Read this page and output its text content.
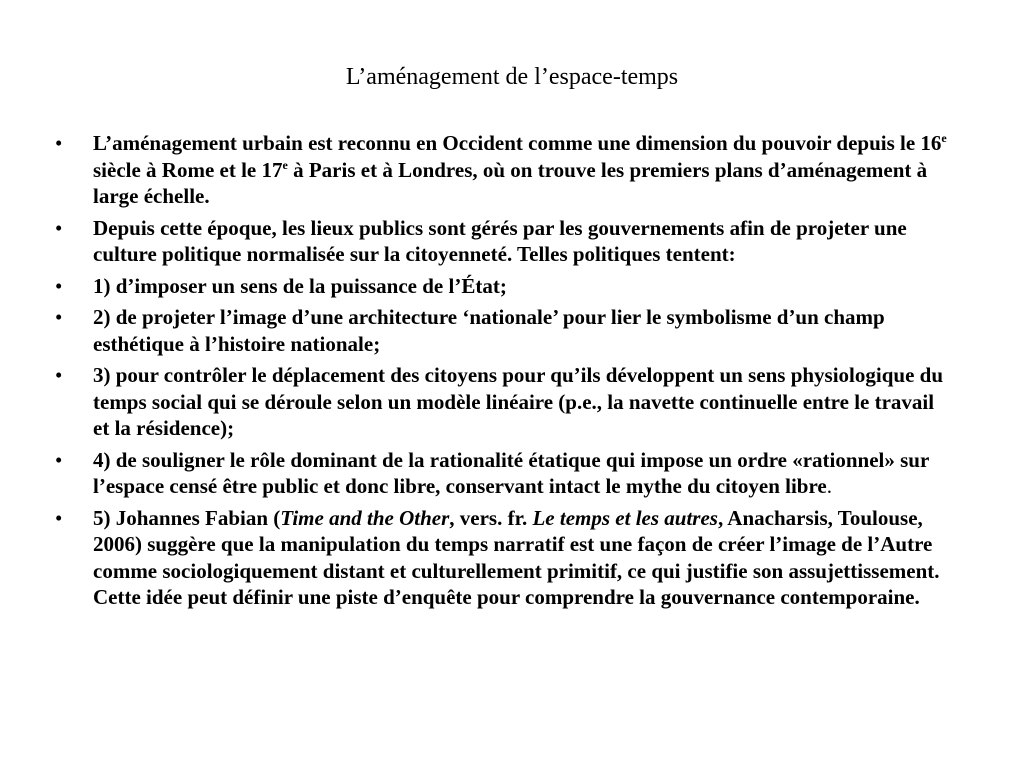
L’aménagement de l’espace-temps
• L’aménagement urbain est reconnu en Occident comme une dimension du pouvoir depuis le 16e siècle à Rome et le 17e à Paris et à Londres, où on trouve les premiers plans d’aménagement à large échelle.
• Depuis cette époque, les lieux publics sont gérés par les gouvernements afin de projeter une culture politique normalisée sur la citoyenneté. Telles politiques tentent:
• 1) d’imposer un sens de la puissance de l’État;
• 2) de projeter l’image d’une architecture ‘nationale’ pour lier le symbolisme d’un champ esthétique à l’histoire nationale;
• 3) pour contrôler le déplacement des citoyens pour qu’ils développent un sens physiologique du temps social qui se déroule selon un modèle linéaire (p.e., la navette continuelle entre le travail et la résidence);
• 4) de souligner le rôle dominant de la rationalité étatique qui impose un ordre «rationnel» sur l’espace censé être public et donc libre, conservant intact le mythe du citoyen libre.
• 5) Johannes Fabian (Time and the Other, vers. fr. Le temps et les autres, Anacharsis, Toulouse, 2006) suggère que la manipulation du temps narratif est une façon de créer l’image de l’Autre comme sociologiquement distant et culturellement primitif, ce qui justifie son assujettissement. Cette idée peut définir une piste d’enquête pour comprendre la gouvernance contemporaine.
